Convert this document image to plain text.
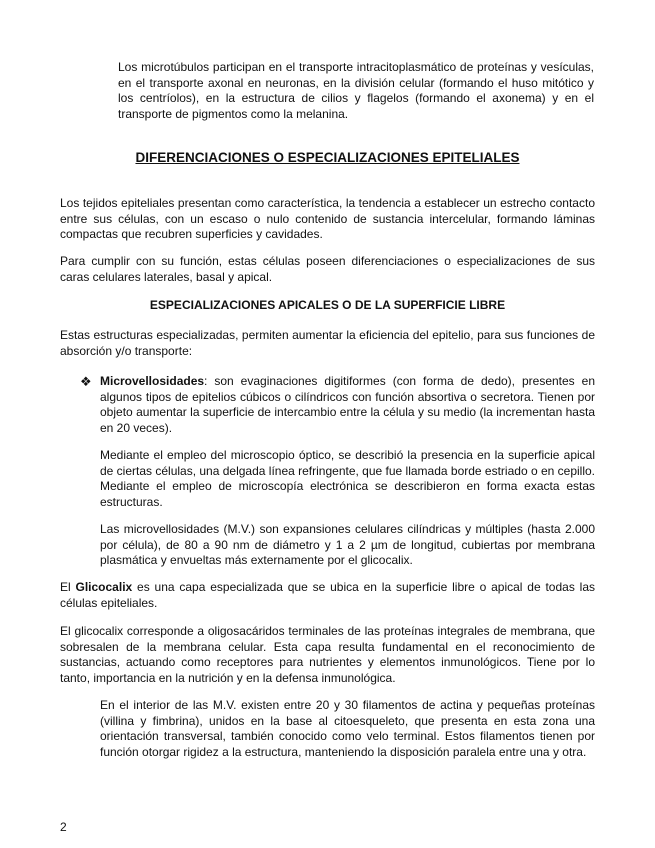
Los microtúbulos participan en el transporte intracitoplasmático de proteínas y vesículas, en el transporte axonal en neuronas, en la división celular (formando el huso mitótico y los centríolos), en la estructura de cilios y flagelos (formando el axonema) y en el transporte de pigmentos como la melanina.

DIFERENCIACIONES O ESPECIALIZACIONES EPITELIALES

Los tejidos epiteliales presentan como característica, la tendencia a establecer un estrecho contacto entre sus células, con un escaso o nulo contenido de sustancia intercelular, formando láminas compactas que recubren superficies y cavidades.

Para cumplir con su función, estas células poseen diferenciaciones o especializaciones de sus caras celulares laterales, basal y apical.

ESPECIALIZACIONES APICALES O DE LA SUPERFICIE LIBRE

Estas estructuras especializadas, permiten aumentar la eficiencia del epitelio, para sus funciones de absorción y/o transporte:

❖ Microvellosidades: son evaginaciones digitiformes (con forma de dedo), presentes en algunos tipos de epitelios cúbicos o cilíndricos con función absortiva o secretora. Tienen por objeto aumentar la superficie de intercambio entre la célula y su medio (la incrementan hasta en 20 veces).

Mediante el empleo del microscopio óptico, se describió la presencia en la superficie apical de ciertas células, una delgada línea refringente, que fue llamada borde estriado o en cepillo. Mediante el empleo de microscopía electrónica se describieron en forma exacta estas estructuras.

Las microvellosidades (M.V.) son expansiones celulares cilíndricas y múltiples (hasta 2.000 por célula), de 80 a 90 nm de diámetro y 1 a 2 µm de longitud, cubiertas por membrana plasmática y envueltas más externamente por el glicocalix.

El Glicocalix es una capa especializada que se ubica en la superficie libre o apical de todas las células epiteliales.

El glicocalix corresponde a oligosacáridos terminales de las proteínas integrales de membrana, que sobresalen de la membrana celular. Esta capa resulta fundamental en el reconocimiento de sustancias, actuando como receptores para nutrientes y elementos inmunológicos. Tiene por lo tanto, importancia en la nutrición y en la defensa inmunológica.

En el interior de las M.V. existen entre 20 y 30 filamentos de actina y pequeñas proteínas (villina y fimbrina), unidos en la base al citoesqueleto, que presenta en esta zona una orientación transversal, también conocido como velo terminal. Estos filamentos tienen por función otorgar rigidez a la estructura, manteniendo la disposición paralela entre una y otra.

2
